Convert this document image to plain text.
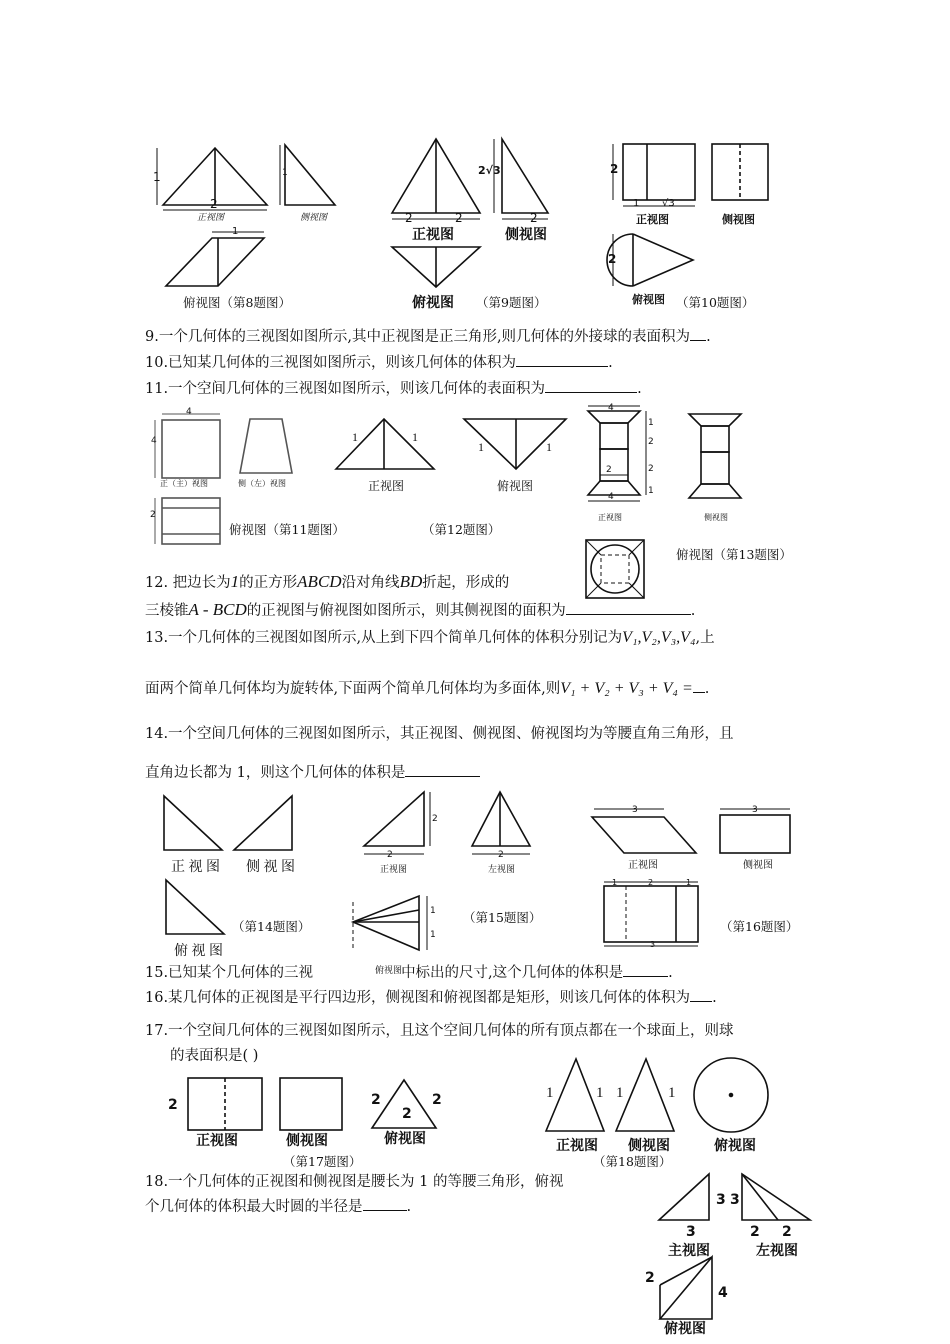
1
2
正视图
1
侧视图
1
俯视图（第8题图）
2	2
正视图
2√3
2
侧视图
俯视图 （第9题图）
2
1 √3
正视图	侧视图
2
俯视图 （第10题图）
9.一个几何体的三视图如图所示,其中正视图是正三角形,则几何体的外接球的表面积为 .
10.已知某几何体的三视图如图所示，则该几何体的体积为	.
11.一个空间几何体的三视图如图所示，则该几何体的表面积为	.
4
4
正（主）视图	侧（左）视图
2
俯视图（第11题图）
1	1
正视图
1	1
俯视图
（第12题图）
4
1
2
2
1
2
4
正视图	侧视图
俯视图（第13题图）
12. 把边长为1的正方形ABCD沿对角线BD折起，形成的
三棱锥A - BCD的正视图与俯视图如图所示，则其侧视图的面积为	.
13.一个几何体的三视图如图所示,从上到下四个简单几何体的体积分别记为V₁,V₂,V₃,V₄,上
面两个简单几何体均为旋转体,下面两个简单几何体均为多面体,则V₁ + V₂ + V₃ + V₄ = .
14.一个空间几何体的三视图如图所示，其正视图、侧视图、俯视图均为等腰直角三角形，且
直角边长都为 1，则这个几何体的体积是
正 视 图 侧 视 图
俯 视 图
（第14题图）
2
2
正视图
2
左视图
1
1
俯视图
（第15题图）
3
正视图
3
侧视图
1	2	1
3
（第16题图）
15.已知某个几何体的三视	中标出的尺寸,这个几何体的体积是	.
16.某几何体的正视图是平行四边形，侧视图和俯视图都是矩形，则该几何体的体积为 .
17.一个空间几何体的三视图如图所示，且这个空间几何体的所有顶点都在一个球面上，则球
的表面积是( )
2
正视图	侧视图
2	2
2
俯视图
（第17题图）
1	1
正视图
1	1
侧视图	俯视图
（第18题图）
18.一个几何体的正视图和侧视图是腰长为 1 的等腰三角形，俯视
个几何体的体积最大时圆的半径是	.	3
3
主视图
3
2 2
左视图
2
4
俯视图
